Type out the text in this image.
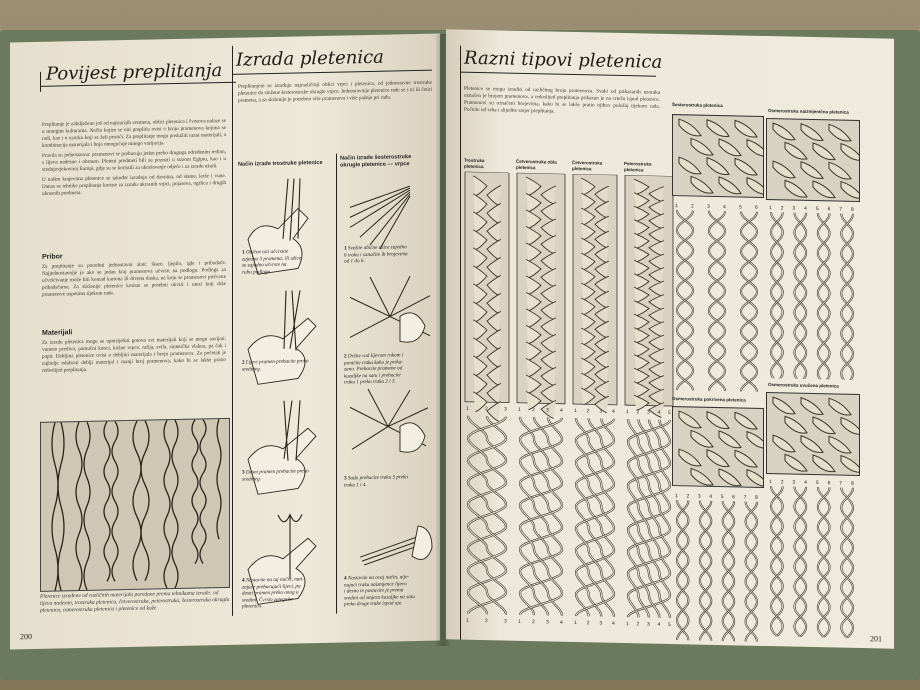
Povijest preplitanja
Izrada pletenica

Preplitanje je zabilježeno još od najstarijih vremena, oblici pletenica i čvorova nalaze se u mnogim kulturama. Način kojim se niti prepliću ovisi o broju pramenova kojima se radi, kao i o uzorku koji se želi postići. Za preplitanje mogu poslužiti razni materijali, a kombinacija materijala i boja omogućuje mnogo varijacija.

Pravila su jednostavna: pramenovi se prebacuju jedan preko drugoga određenim redom, s lijeva nadesno i obrnuto. Pleteni predmeti bili su poznati u starom Egiptu, kao i u srednjovjekovnoj Europi, gdje su se koristili za ukrašavanje odjeće i za izradu užadi.

U našim krajevima pletenice se također izrađuju od davnina, od slame, kože i vune. Danas se tehnike preplitanja koriste za izradu ukrasnih vrpci, pojaseva, ogrlica i drugih ukrasnih predmeta.

Pribor
Za preplitanje su potrebni jednostavni alati: škare, ljepilo, igle i pribadače. Najjednostavnije je ako se jedan kraj pramenova učvrsti na podlogu. Podloga za učvršćivanje može biti komad kartona ili drvena daska, na koju se pramenovi pričvrste pribadačama. Za složenije pletenice koriste se posebni okviri i utezi koji drže pramenove napetima tijekom rada.
Materijali
Za izradu pletenica mogu se upotrijebiti gotovo svi materijali koji se mogu savijati: vuneno predivo, pamučni konci, kožne vrpce, rafija, svila, sintetička vlakna, pa čak i papir. Debljina pletenice ovisi o debljini materijala i broju pramenova. Za početak je najbolje odabrati deblji materijal i manji broj pramenova, kako bi se lakše pratio redoslijed preplitanja.
Pletenice izrađene od različitih materijala poredane prema tehnikama izrade: od lijeva nadesno, trostruka pletenica, četverostruka, peterostruka, šesterostruka okrugla pletenica, osmerostruka pletenica i pletenice od kože
Preplitanjem se izrađuju najrazličitiji oblici vrpci i pletenica, od jednostavne trostruke pletenice do složene šesterostruke okrugle vrpce. Jednostavnije pletenice rade se s tri ili četiri pramena, a za složenije je potrebno više pramenova i više pažnje pri radu.
Način izrade trostruke pletenice
Način izrade šesterostruke okrugle pletenice — vrpce
1 Obične niti učvrstite
zajedno 3 pramena; ili užice
se zajedno učvrste na
rubu podloge.
2 Lijevi pramen prebacite preko
srednjeg.
3 Desni pramen prebacite preko
srednjeg.
4 Nastavite na taj način, nati-
znjuće prebacujući lijevi, pa
desni pramen preko onog u
sredini. Čvrsto zategnite
pletenicu.
1 Svežite obične užice zajedno
6 traka i označite ih brojevima
od 1 do 6.
2 Držite rad lijevom rukom i
poničite traka kako je prika-
zano. Prebacite pramene od
kazaljke na satu i prebacite
traku 1 preko traka 2 i 3.
3 Sada prebacite traku 5 preko
traka 1 i 4.
4 Nastavite na ovaj način, utje-
nujući traku naizmjence lijevo
i desno te postavite je prema
sredini od smjera kazaljke na satu
preko druge trake ispod nje.
200
Razni tipovi pletenica
Pletenice se mogu izraditi od različitog broja pramenova. Svaki od prikazanih uzoraka označen je brojem pramenova, a redoslijed preplitanja prikazan je na crtežu ispod pletenice. Pramenovi su označeni brojevima, kako bi se lakše pratio njihov položaj tijekom rada. Počnite od vrha i slijedite smjer preplitanja.
Trostruka
pletenica
1	2	3
1	2	3
Četverostruka obla
pletenica
1 2 3 4
1 2 3 4
Četverostruka
pletenica
1 2 3 4
1 2 3 4
Peterostruka
pletenica
1 2 3 4 5
1 2 3 4 5
Šesterostruka pletenica
Osmerostruka naizmjenična pletenica
Osmerostruka uvučena pletenica
Osmerostruka pokrivena pletenica
1	2	3	4	5	6 1 2 3 4 5 6 7 8
1 2 3 4 5 6 7 8
1 2 3 4 5 6 7 8
201
